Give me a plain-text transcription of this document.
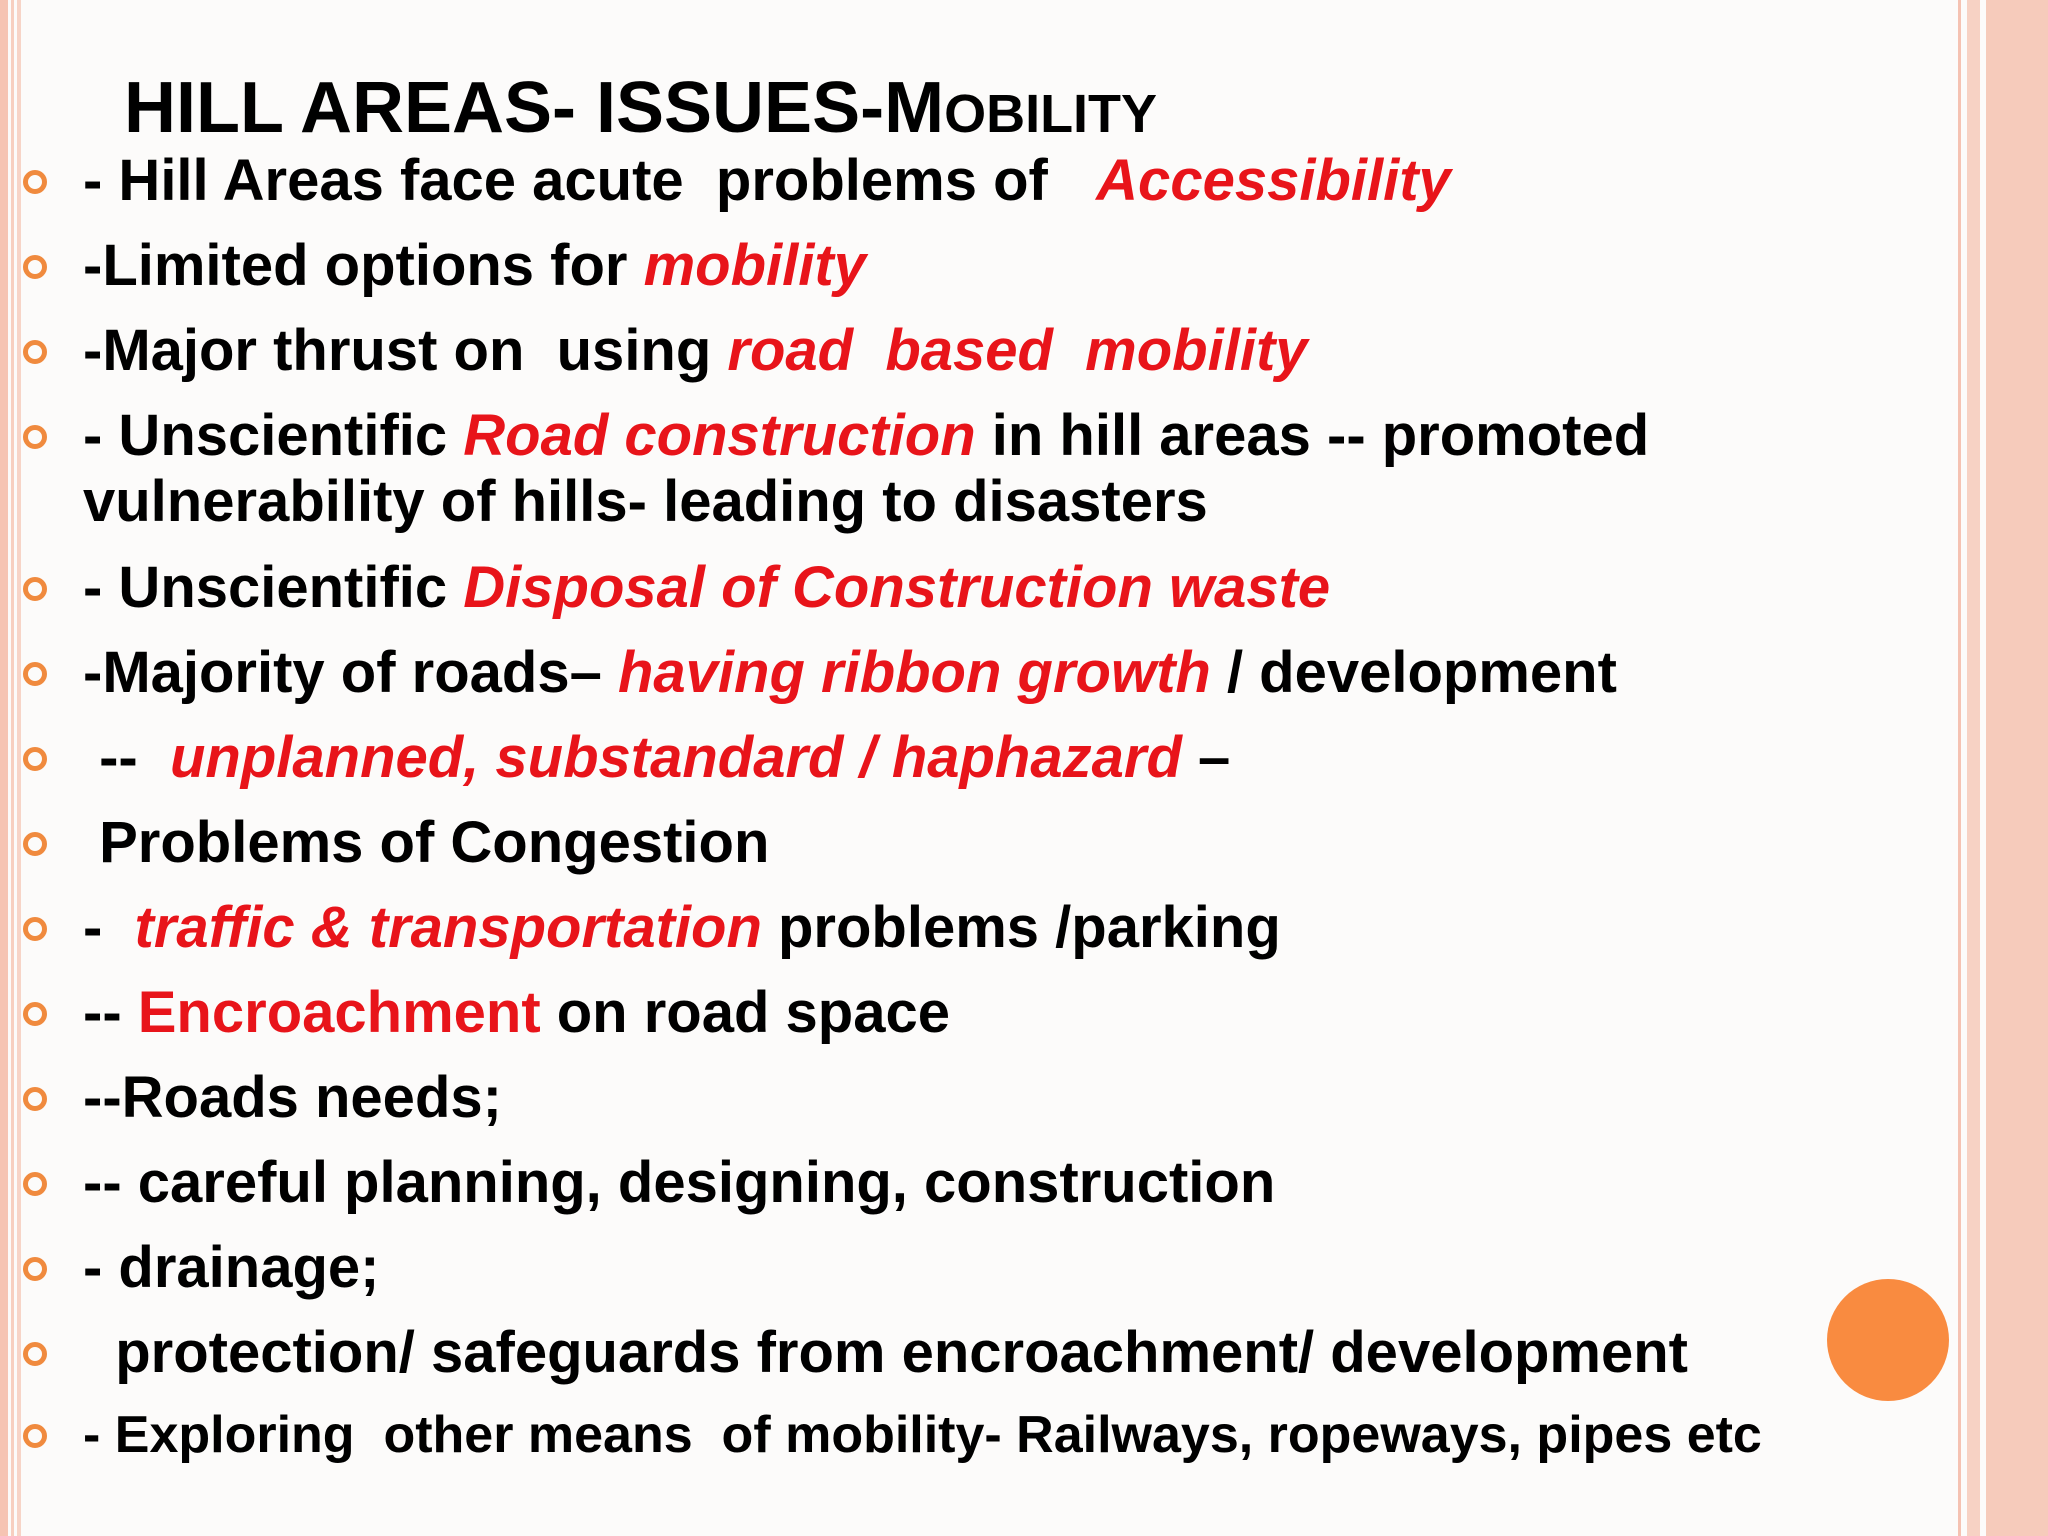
HILL AREAS- ISSUES-MOBILITY
- Hill Areas face acute  problems of   Accessibility
-Limited options for mobility
-Major thrust on  using road  based  mobility
- Unscientific Road construction in hill areas -- promoted
vulnerability of hills- leading to disasters
- Unscientific Disposal of Construction waste
-Majority of roads– having ribbon growth / development
--  unplanned, substandard / haphazard –
Problems of Congestion
-  traffic & transportation problems /parking
-- Encroachment on road space
--Roads needs;
-- careful planning, designing, construction
- drainage;
protection/ safeguards from encroachment/ development
- Exploring  other means  of mobility- Railways, ropeways, pipes etc
